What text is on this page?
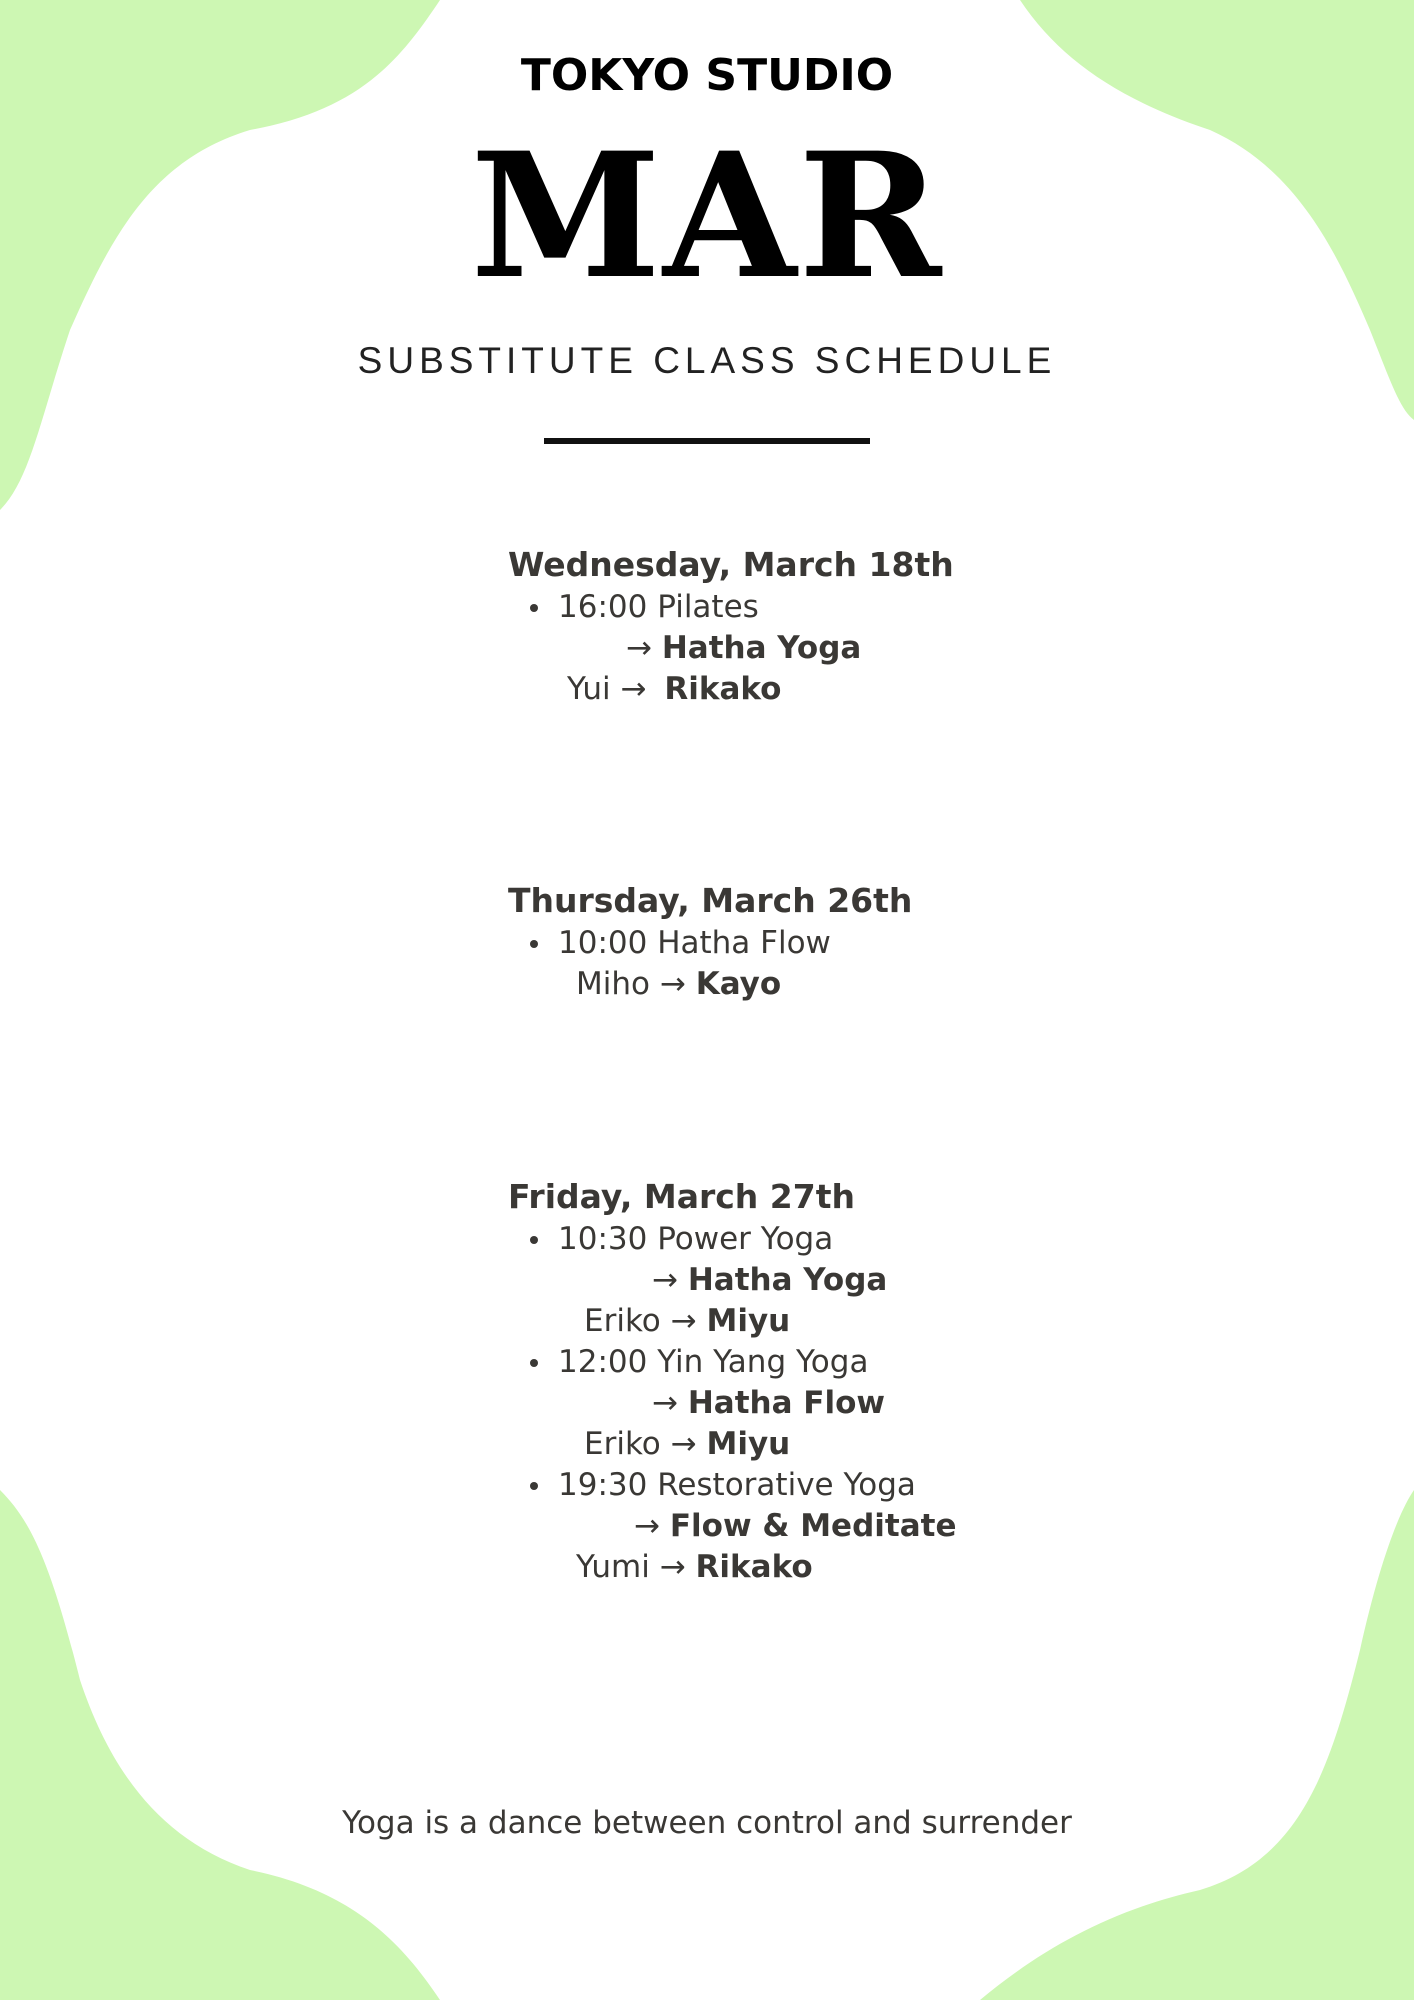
TOKYO STUDIO
MAR
SUBSTITUTE CLASS SCHEDULE
Wednesday, March 18th
16:00 Pilates
→ Hatha Yoga
Yui → Rikako
Thursday, March 26th
10:00 Hatha Flow
Miho → Kayo
Friday, March 27th
10:30 Power Yoga
→ Hatha Yoga
Eriko → Miyu
12:00 Yin Yang Yoga
→ Hatha Flow
Eriko → Miyu
19:30 Restorative Yoga
→ Flow & Meditate
Yumi → Rikako
Yoga is a dance between control and surrender
